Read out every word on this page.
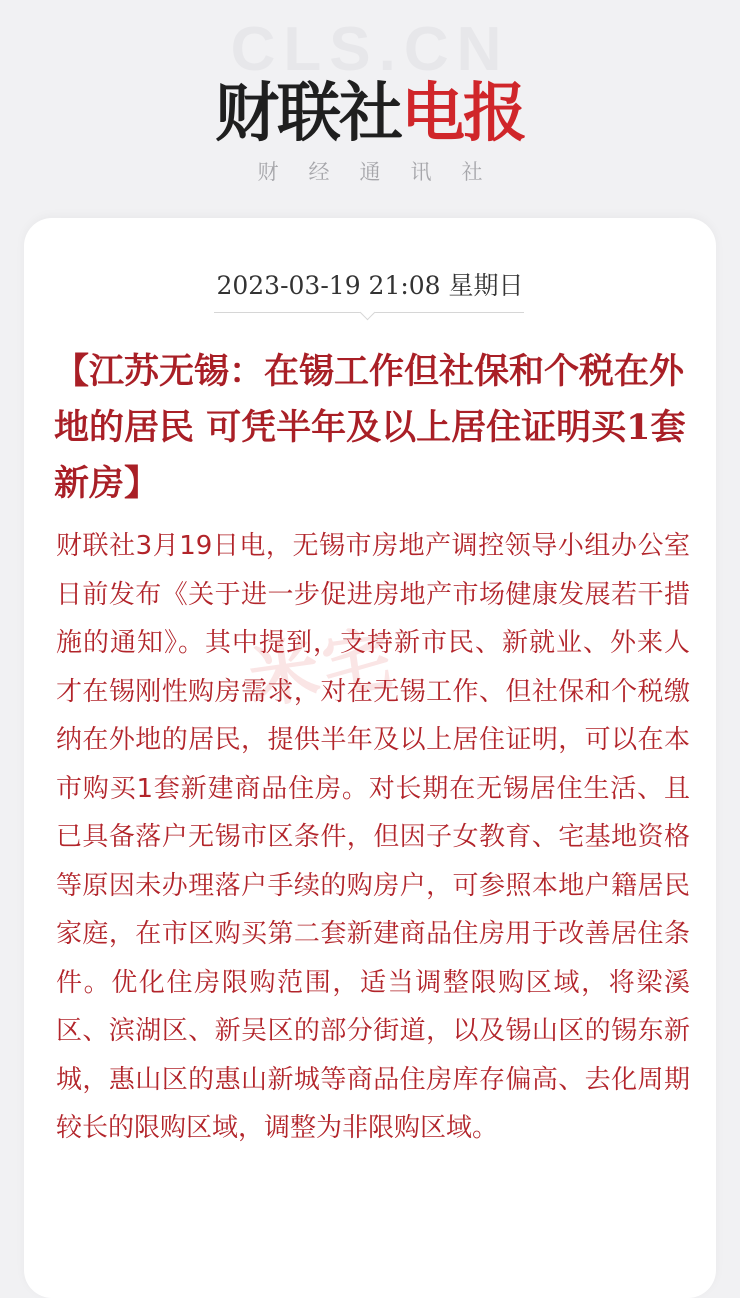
CLS.CN
财联社电报
财经通讯社
2023-03-19 21:08 星期日
【江苏无锡：在锡工作但社保和个税在外地的居民 可凭半年及以上居住证明买1套新房】

财联社3月19日电，无锡市房地产调控领导小组办公室日前发布《关于进一步促进房地产市场健康发展若干措施的通知》。其中提到，支持新市民、新就业、外来人才在锡刚性购房需求，对在无锡工作、但社保和个税缴纳在外地的居民，提供半年及以上居住证明，可以在本市购买1套新建商品住房。对长期在无锡居住生活、且已具备落户无锡市区条件，但因子女教育、宅基地资格等原因未办理落户手续的购房户，可参照本地户籍居民家庭，在市区购买第二套新建商品住房用于改善居住条件。优化住房限购范围，适当调整限购区域，将梁溪区、滨湖区、新吴区的部分街道，以及锡山区的锡东新城，惠山区的惠山新城等商品住房库存偏高、去化周期较长的限购区域，调整为非限购区域。

米宅
